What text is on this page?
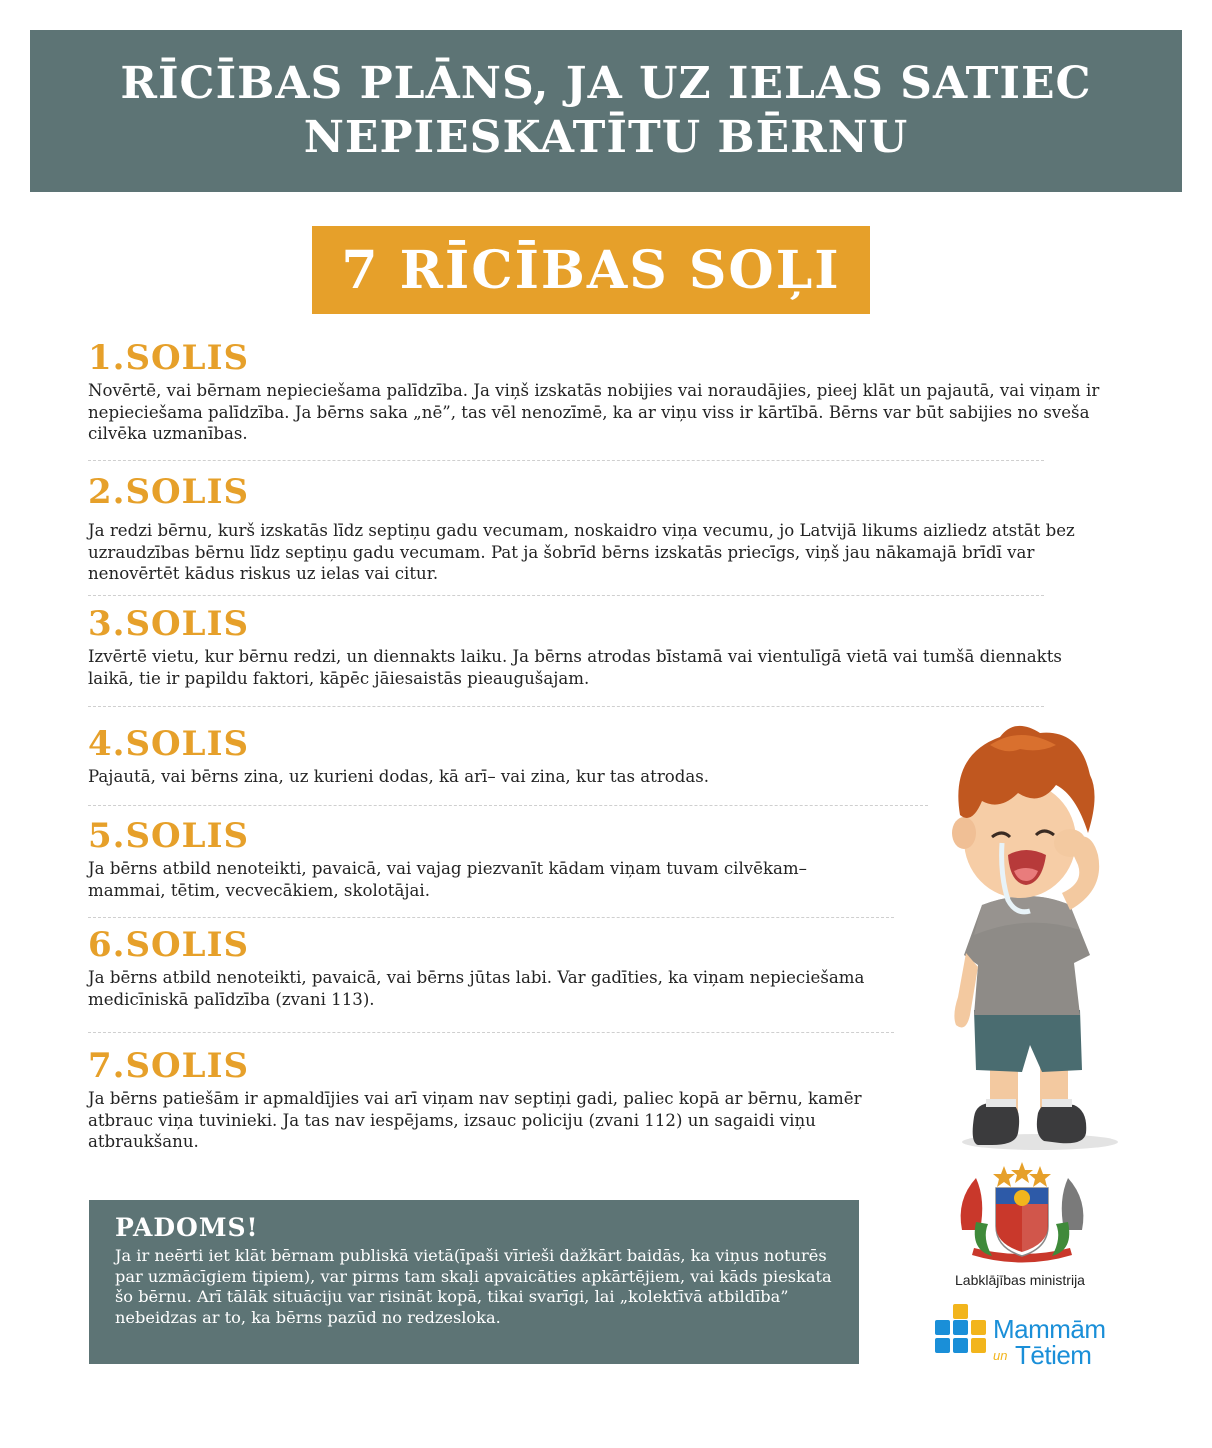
RĪCĪBAS PLĀNS, JA UZ IELAS SATIEC
NEPIESKATĪTU BĒRNU
7 RĪCĪBAS SOĻI
1.SOLIS
Novērtē, vai bērnam nepieciešama palīdzība. Ja viņš izskatās nobijies vai noraudājies, pieej klāt un pajautā, vai viņam ir nepieciešama palīdzība. Ja bērns saka „nē”, tas vēl nenozīmē, ka ar viņu viss ir kārtībā. Bērns var būt sabijies no sveša cilvēka uzmanības.
2.SOLIS
Ja redzi bērnu, kurš izskatās līdz septiņu gadu vecumam, noskaidro viņa vecumu, jo Latvijā likums aizliedz atstāt bez uzraudzības bērnu līdz septiņu gadu vecumam. Pat ja šobrīd bērns izskatās priecīgs, viņš jau nākamajā brīdī var nenovērtēt kādus riskus uz ielas vai citur.
3.SOLIS
Izvērtē vietu, kur bērnu redzi, un diennakts laiku. Ja bērns atrodas bīstamā vai vientulīgā vietā vai tumšā diennakts laikā, tie ir papildu faktori, kāpēc jāiesaistās pieaugušajam.
4.SOLIS
Pajautā, vai bērns zina, uz kurieni dodas, kā arī– vai zina, kur tas atrodas.
5.SOLIS
Ja bērns atbild nenoteikti, pavaicā, vai vajag piezvanīt kādam viņam tuvam cilvēkam– mammai, tētim, vecvecākiem, skolotājai.
6.SOLIS
Ja bērns atbild nenoteikti, pavaicā, vai bērns jūtas labi. Var gadīties, ka viņam nepieciešama medicīniskā palīdzība (zvani 113).
7.SOLIS
Ja bērns patiešām ir apmaldījies vai arī viņam nav septiņi gadi, paliec kopā ar bērnu, kamēr atbrauc viņa tuvinieki. Ja tas nav iespējams, izsauc policiju (zvani 112) un sagaidi viņu atbraukšanu.
PADOMS!
Ja ir neērti iet klāt bērnam publiskā vietā(īpaši vīrieši dažkārt baidās, ka viņus noturēs par uzmācīgiem tipiem), var pirms tam skaļi apvaicāties apkārtējiem, vai kāds pieskata šo bērnu. Arī tālāk situāciju var risināt kopā, tikai svarīgi, lai „kolektīvā atbildība” nebeidzas ar to, ka bērns pazūd no redzesloka.
Labklājības ministrija
Mammām
un Tētiem
